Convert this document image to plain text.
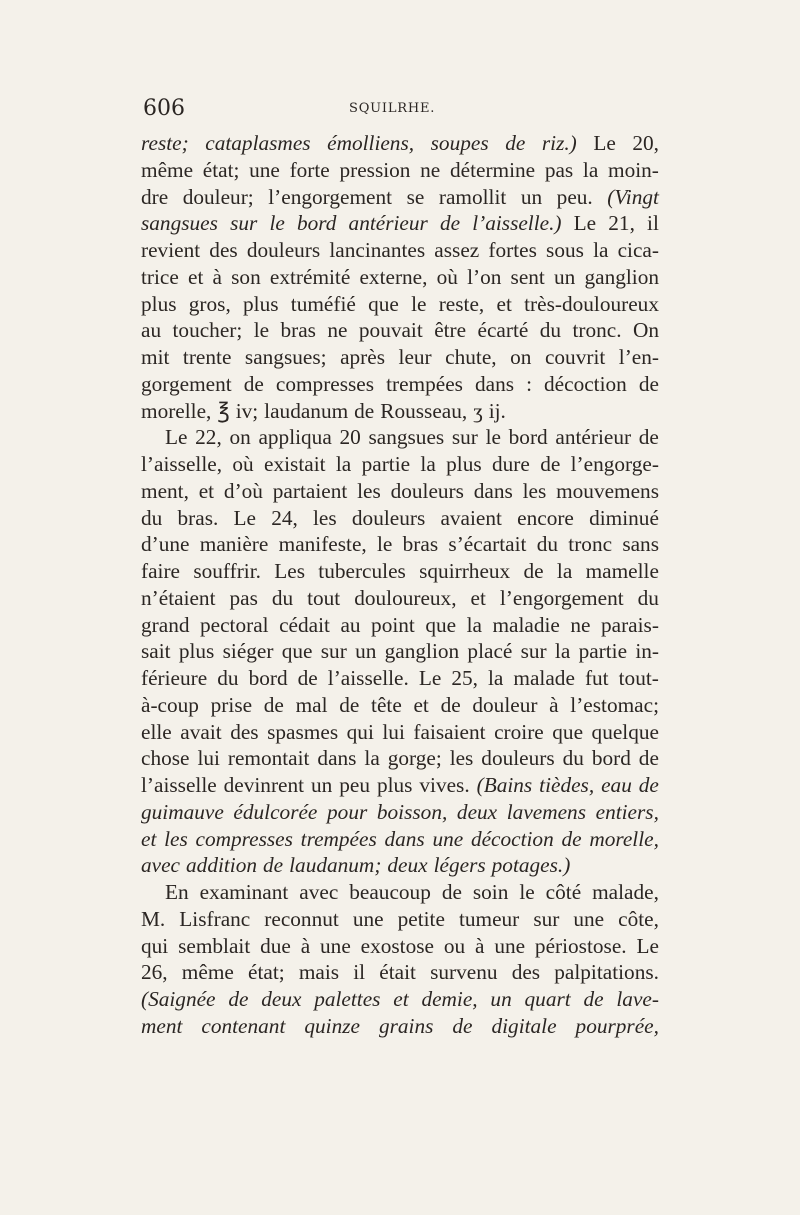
606	SQUILRHE.
reste; cataplasmes émolliens, soupes de riz.) Le 20,
même état; une forte pression ne détermine pas la moin-
dre douleur; l’engorgement se ramollit un peu. (Vingt
sangsues sur le bord antérieur de l’aisselle.) Le 21, il
revient des douleurs lancinantes assez fortes sous la cica-
trice et à son extrémité externe, où l’on sent un ganglion
plus gros, plus tuméfié que le reste, et très-douloureux
au toucher; le bras ne pouvait être écarté du tronc. On
mit trente sangsues; après leur chute, on couvrit l’en-
gorgement de compresses trempées dans : décoction de
morelle, ℥ iv; laudanum de Rousseau, ʒ ij.
Le 22, on appliqua 20 sangsues sur le bord antérieur de
l’aisselle, où existait la partie la plus dure de l’engorge-
ment, et d’où partaient les douleurs dans les mouvemens
du bras. Le 24, les douleurs avaient encore diminué
d’une manière manifeste, le bras s’écartait du tronc sans
faire souffrir. Les tubercules squirrheux de la mamelle
n’étaient pas du tout douloureux, et l’engorgement du
grand pectoral cédait au point que la maladie ne parais-
sait plus siéger que sur un ganglion placé sur la partie in-
férieure du bord de l’aisselle. Le 25, la malade fut tout-
à-coup prise de mal de tête et de douleur à l’estomac;
elle avait des spasmes qui lui faisaient croire que quelque
chose lui remontait dans la gorge; les douleurs du bord de
l’aisselle devinrent un peu plus vives. (Bains tièdes, eau de
guimauve édulcorée pour boisson, deux lavemens entiers,
et les compresses trempées dans une décoction de morelle,
avec addition de laudanum; deux légers potages.)
En examinant avec beaucoup de soin le côté malade,
M. Lisfranc reconnut une petite tumeur sur une côte,
qui semblait due à une exostose ou à une périostose. Le
26, même état; mais il était survenu des palpitations.
(Saignée de deux palettes et demie, un quart de lave-
ment contenant quinze grains de digitale pourprée,
